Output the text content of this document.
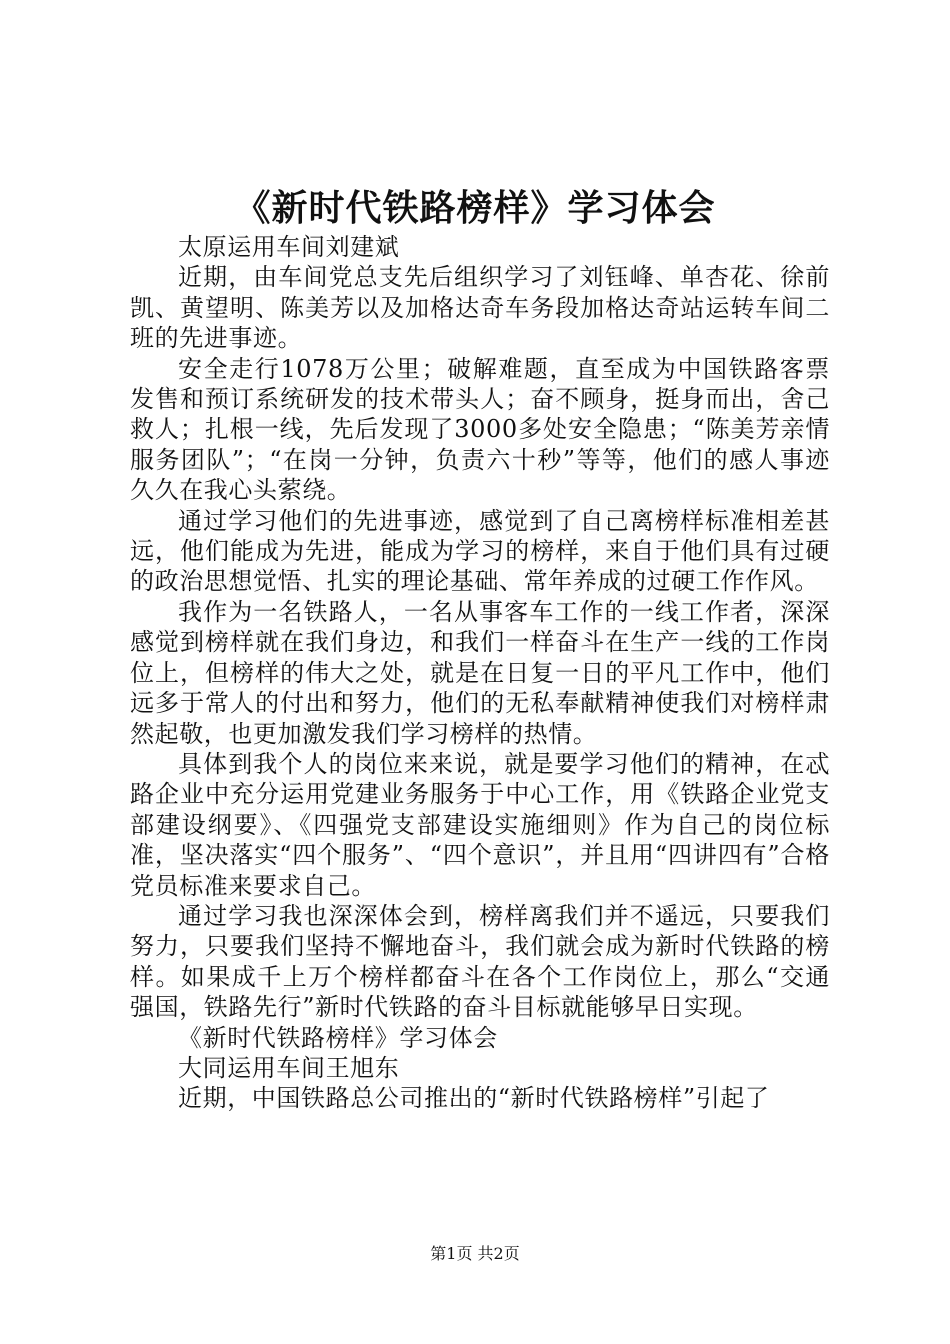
《新时代铁路榜样》学习体会

太原运用车间刘建斌

近期，由车间党总支先后组织学习了刘钰峰、单杏花、徐前凯、黄望明、陈美芳以及加格达奇车务段加格达奇站运转车间二班的先进事迹。

安全走行1078万公里；破解难题，直至成为中国铁路客票发售和预订系统研发的技术带头人；奋不顾身，挺身而出，舍己救人；扎根一线，先后发现了3000多处安全隐患；“陈美芳亲情服务团队”；“在岗一分钟，负责六十秒”等等，他们的感人事迹久久在我心头萦绕。

通过学习他们的先进事迹，感觉到了自己离榜样标准相差甚远，他们能成为先进，能成为学习的榜样，来自于他们具有过硬的政治思想觉悟、扎实的理论基础、常年养成的过硬工作作风。

我作为一名铁路人，一名从事客车工作的一线工作者，深深感觉到榜样就在我们身边，和我们一样奋斗在生产一线的工作岗位上，但榜样的伟大之处，就是在日复一日的平凡工作中，他们远多于常人的付出和努力，他们的无私奉献精神使我们对榜样肃然起敬，也更加激发我们学习榜样的热情。

具体到我个人的岗位来来说，就是要学习他们的精神，在忒路企业中充分运用党建业务服务于中心工作，用《铁路企业党支部建设纲要》、《四强党支部建设实施细则》作为自己的岗位标准，坚决落实“四个服务”、“四个意识”，并且用“四讲四有”合格党员标准来要求自己。

通过学习我也深深体会到，榜样离我们并不遥远，只要我们努力，只要我们坚持不懈地奋斗，我们就会成为新时代铁路的榜样。如果成千上万个榜样都奋斗在各个工作岗位上，那么“交通强国，铁路先行”新时代铁路的奋斗目标就能够早日实现。

《新时代铁路榜样》学习体会

大同运用车间王旭东

近期，中国铁路总公司推出的“新时代铁路榜样”引起了

第1页 共2页
